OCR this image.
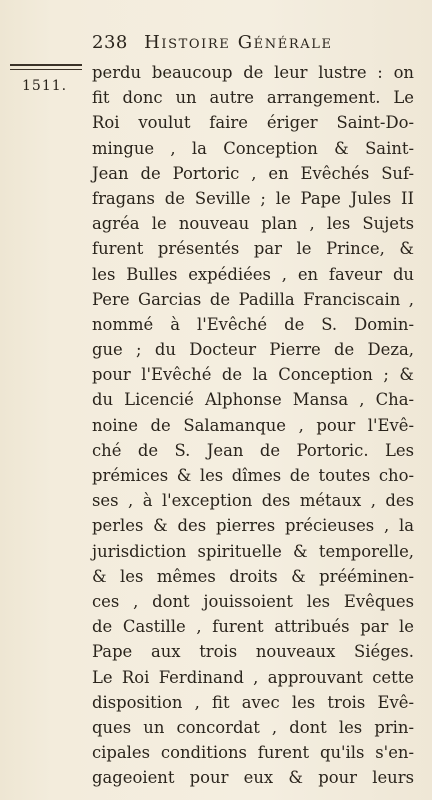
238 Histoire Générale
1511.
perdu beaucoup de leur lustre : on
fit donc un autre arrangement. Le
Roi voulut faire ériger Saint-Do-
mingue , la Conception & Saint-
Jean de Portoric , en Evêchés Suf-
fragans de Seville ; le Pape Jules II
agréa le nouveau plan , les Sujets
furent présentés par le Prince, &
les Bulles expédiées , en faveur du
Pere Garcias de Padilla Franciscain ,
nommé à l'Evêché de S. Domin-
gue ; du Docteur Pierre de Deza,
pour l'Evêché de la Conception ; &
du Licencié Alphonse Mansa , Cha-
noine de Salamanque , pour l'Evê-
ché de S. Jean de Portoric. Les
prémices & les dîmes de toutes cho-
ses , à l'exception des métaux , des
perles & des pierres précieuses , la
jurisdiction spirituelle & temporelle,
& les mêmes droits & prééminen-
ces , dont jouissoient les Evêques
de Castille , furent attribués par le
Pape aux trois nouveaux Siéges.
Le Roi Ferdinand , approuvant cette
disposition , fit avec les trois Evê-
ques un concordat , dont les prin-
cipales conditions furent qu'ils s'en-
gageoient pour eux & pour leurs
